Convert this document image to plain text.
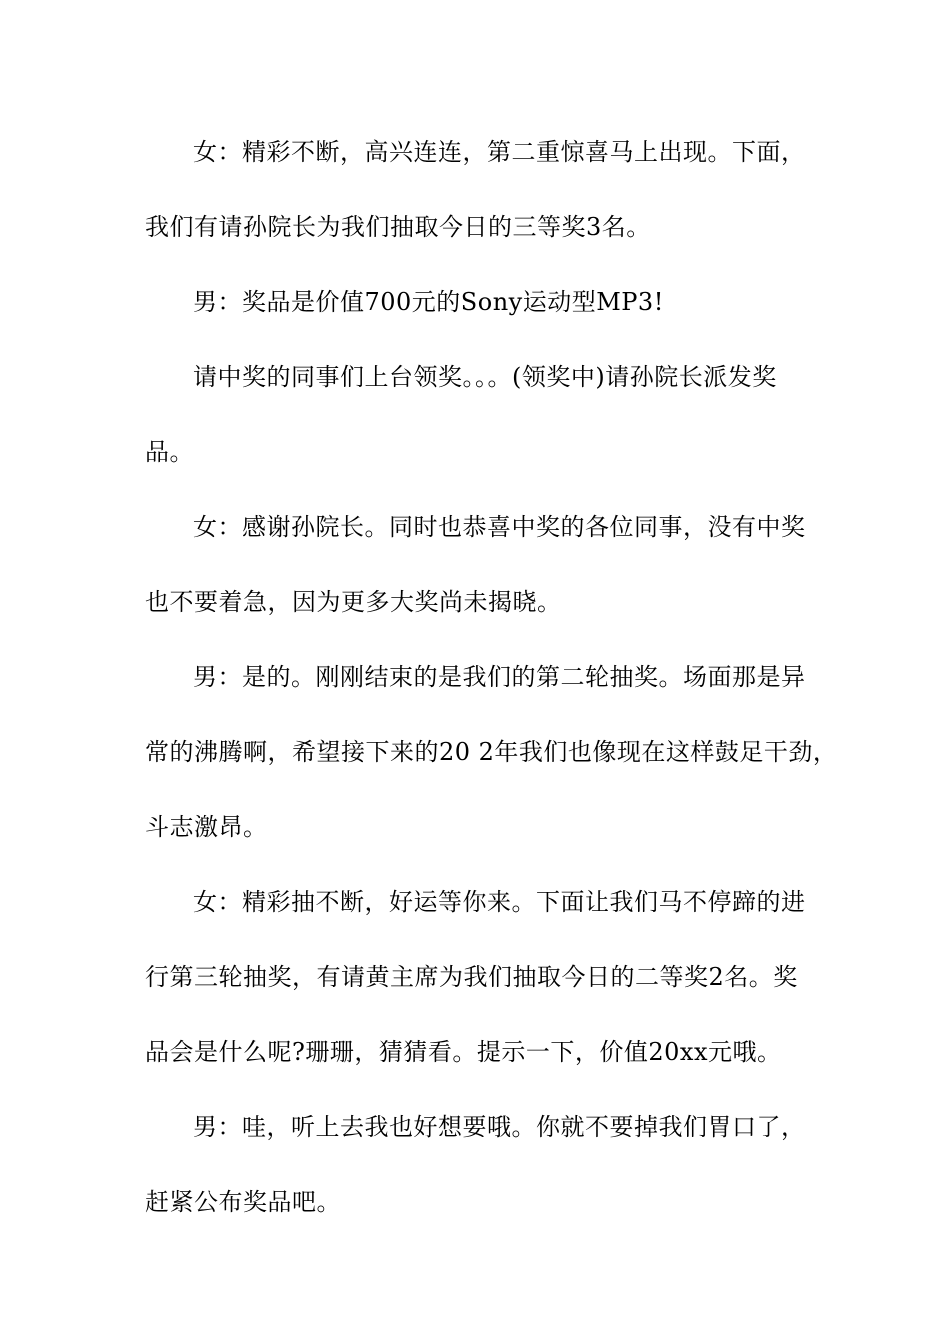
女：精彩不断，高兴连连，第二重惊喜马上出现。下面，
我们有请孙院长为我们抽取今日的三等奖3名。
男：奖品是价值700元的Sony运动型MP3!
请中奖的同事们上台领奖。。。(领奖中)请孙院长派发奖
品。
女：感谢孙院长。同时也恭喜中奖的各位同事，没有中奖
也不要着急，因为更多大奖尚未揭晓。
男：是的。刚刚结束的是我们的第二轮抽奖。场面那是异
常的沸腾啊，希望接下来的20 2年我们也像现在这样鼓足干劲，
斗志激昂。
女：精彩抽不断，好运等你来。下面让我们马不停蹄的进
行第三轮抽奖，有请黄主席为我们抽取今日的二等奖2名。奖
品会是什么呢?珊珊，猜猜看。提示一下，价值20xx元哦。
男：哇，听上去我也好想要哦。你就不要掉我们胃口了，
赶紧公布奖品吧。
